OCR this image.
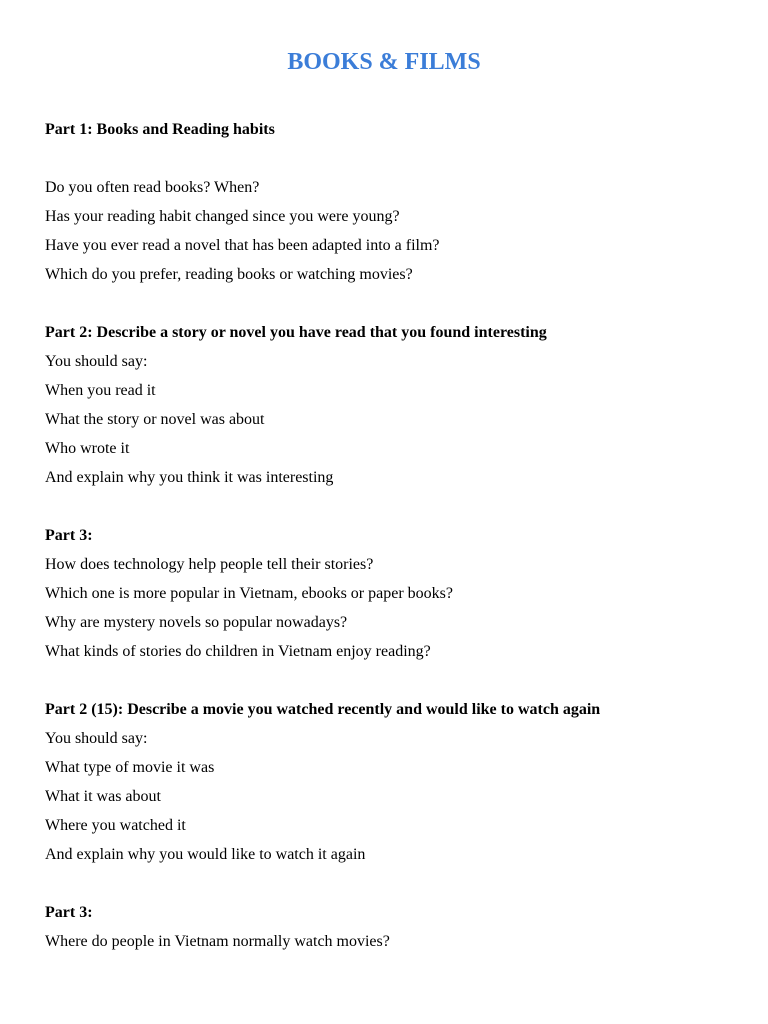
BOOKS & FILMS

Part 1: Books and Reading habits

Do you often read books? When?

Has your reading habit changed since you were young?

Have you ever read a novel that has been adapted into a film?

Which do you prefer, reading books or watching movies?

Part 2: Describe a story or novel you have read that you found interesting

You should say:

When you read it

What the story or novel was about

Who wrote it

And explain why you think it was interesting

Part 3:

How does technology help people tell their stories?

Which one is more popular in Vietnam, ebooks or paper books?

Why are mystery novels so popular nowadays?

What kinds of stories do children in Vietnam enjoy reading?

Part 2 (15): Describe a movie you watched recently and would like to watch again

You should say:

What type of movie it was

What it was about

Where you watched it

And explain why you would like to watch it again

Part 3:

Where do people in Vietnam normally watch movies?
